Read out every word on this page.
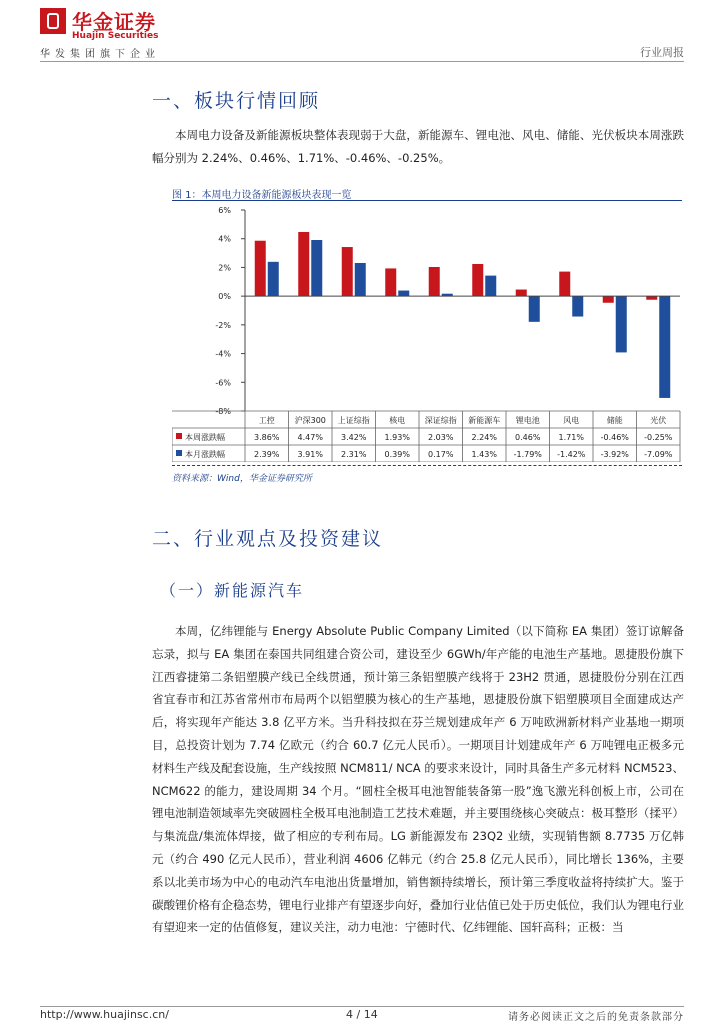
华金证券
Huajin Securities
华发集团旗下企业	行业周报
一、板块行情回顾
本周电力设备及新能源板块整体表现弱于大盘，新能源车、锂电池、风电、储能、光伏板块本周涨跌幅分别为 2.24%、0.46%、1.71%、-0.46%、-0.25%。
图 1：本周电力设备新能源板块表现一览
6%
4%
2%
0%
-2%
-4%
-6%
-8%
工控 沪深300 上证综指 核电 深证综指 新能源车 锂电池	风电	储能	光伏
本周涨跌幅	3.86% 4.47% 3.42% 1.93% 2.03% 2.24% 0.46% 1.71% -0.46% -0.25%
本月涨跌幅	2.39% 3.91% 2.31% 0.39% 0.17% 1.43% -1.79% -1.42% -3.92% -7.09%
资料来源：Wind，华金证券研究所
二、行业观点及投资建议
（一）新能源汽车
本周，亿纬锂能与 Energy Absolute Public Company Limited（以下简称 EA 集团）签订谅解备忘录，拟与 EA 集团在泰国共同组建合资公司，建设至少 6GWh/年产能的电池生产基地。恩捷股份旗下江西睿捷第二条铝塑膜产线已全线贯通，预计第三条铝塑膜产线将于 23H2 贯通，恩捷股份分别在江西省宜春市和江苏省常州市布局两个以铝塑膜为核心的生产基地，恩捷股份旗下铝塑膜项目全面建成达产后，将实现年产能达 3.8 亿平方米。当升科技拟在芬兰规划建成年产 6 万吨欧洲新材料产业基地一期项目，总投资计划为 7.74 亿欧元（约合 60.7 亿元人民币）。一期项目计划建成年产 6 万吨锂电正极多元材料生产线及配套设施，生产线按照 NCM811/ NCA 的要求来设计，同时具备生产多元材料 NCM523、NCM622 的能力，建设周期 34 个月。“圆柱全极耳电池智能装备第一股”逸飞激光科创板上市，公司在锂电池制造领域率先突破圆柱全极耳电池制造工艺技术难题，并主要围绕核心突破点：极耳整形（揉平）与集流盘/集流体焊接，做了相应的专利布局。LG 新能源发布 23Q2 业绩，实现销售额 8.7735 万亿韩元（约合 490 亿元人民币），营业利润 4606 亿韩元（约合 25.8 亿元人民币），同比增长 136%，主要系以北美市场为中心的电动汽车电池出货量增加，销售额持续增长，预计第三季度收益将持续扩大。鉴于碳酸锂价格有企稳态势，锂电行业排产有望逐步向好，叠加行业估值已处于历史低位，我们认为锂电行业有望迎来一定的估值修复，建议关注，动力电池：宁德时代、亿纬锂能、国轩高科；正极：当
http://www.huajinsc.cn/	4 / 14	请务必阅读正文之后的免责条款部分
